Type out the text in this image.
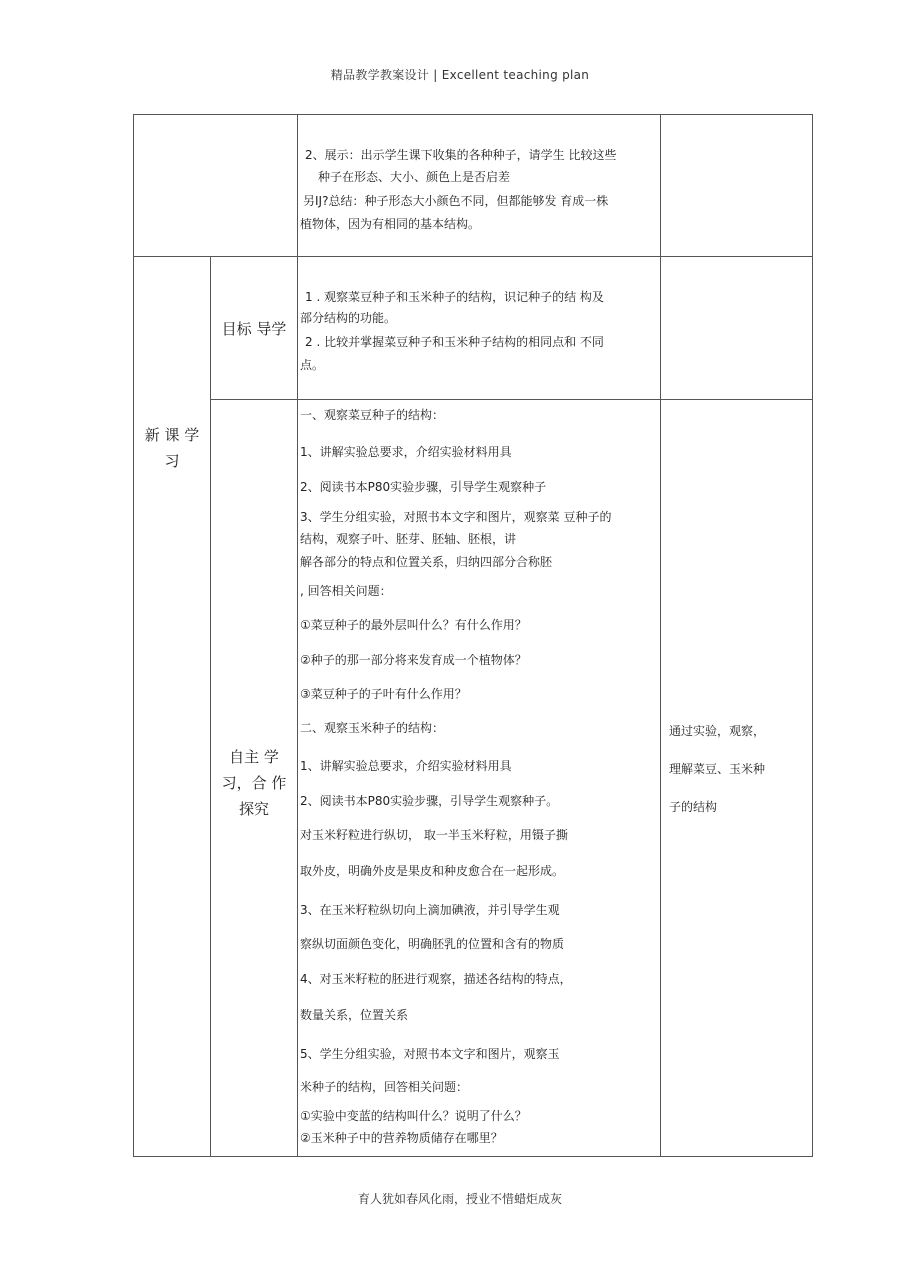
精品教学教案设计 | Excellent teaching plan
2、展示：出示学生课下收集的各种种子，请学生 比较这些
种子在形态、大小、颜色上是否启差
另IJ?总结：种子形态大小颜色不同，但都能够发 育成一株
植物体，因为有相同的基本结构。
新 课 学
习
目标 导学
1 . 观察菜豆种子和玉米种子的结构，识记种子的结 构及
部分结构的功能。
2 . 比较并掌握菜豆种子和玉米种子结构的相同点和 不同
点。
自主 学
习，合 作
探究
一、观察菜豆种子的结构：
1、讲解实验总要求，介绍实验材料用具
2、阅读书本P80实验步骤，引导学生观察种子
3、学生分组实验，对照书本文字和图片，观察菜 豆种子的
结构，观察子叶、胚芽、胚轴、胚根，讲
解各部分的特点和位置关系，归纳四部分合称胚
, 回答相关问题：
①菜豆种子的最外层叫什么？有什么作用？
②种子的那一部分将来发育成一个植物体？
③菜豆种子的子叶有什么作用？
二、观察玉米种子的结构：
1、讲解实验总要求，介绍实验材料用具
2、阅读书本P80实验步骤，引导学生观察种子。
对玉米籽粒进行纵切， 取一半玉米籽粒，用镊子撕
取外皮，明确外皮是果皮和种皮愈合在一起形成。
3、在玉米籽粒纵切向上滴加碘液，并引导学生观
察纵切面颜色变化，明确胚乳的位置和含有的物质
4、对玉米籽粒的胚进行观察，描述各结构的特点，
数量关系，位置关系
5、学生分组实验，对照书本文字和图片，观察玉
米种子的结构，回答相关问题：
①实验中变蓝的结构叫什么？说明了什么？
②玉米种子中的营养物质储存在哪里？
通过实验，观察，
理解菜豆、玉米种
子的结构
育人犹如春风化雨，授业不惜蜡炬成灰
